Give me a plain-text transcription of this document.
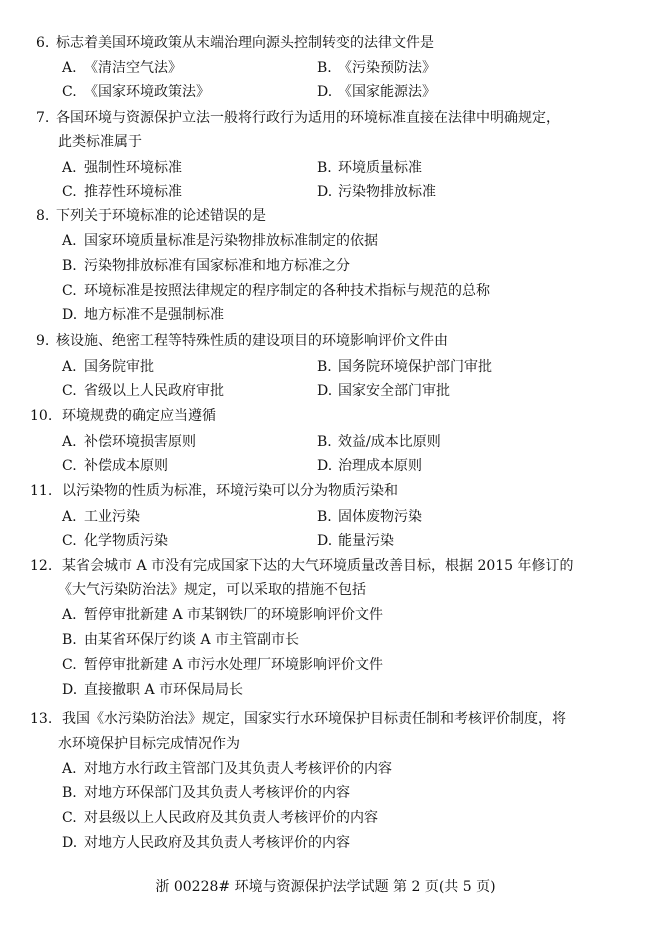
6. 标志着美国环境政策从末端治理向源头控制转变的法律文件是
A. 《清洁空气法》	B. 《污染预防法》
C. 《国家环境政策法》	D. 《国家能源法》
7. 各国环境与资源保护立法一般将行政行为适用的环境标准直接在法律中明确规定，
此类标准属于
A. 强制性环境标准	B. 环境质量标准
C. 推荐性环境标准	D. 污染物排放标准
8. 下列关于环境标准的论述错误的是
A. 国家环境质量标准是污染物排放标准制定的依据
B. 污染物排放标准有国家标准和地方标准之分
C. 环境标准是按照法律规定的程序制定的各种技术指标与规范的总称
D. 地方标准不是强制标准
9. 核设施、绝密工程等特殊性质的建设项目的环境影响评价文件由
A. 国务院审批	B. 国务院环境保护部门审批
C. 省级以上人民政府审批	D. 国家安全部门审批
10. 环境规费的确定应当遵循
A. 补偿环境损害原则	B. 效益/成本比原则
C. 补偿成本原则	D. 治理成本原则
11. 以污染物的性质为标准，环境污染可以分为物质污染和
A. 工业污染	B. 固体废物污染
C. 化学物质污染	D. 能量污染
12. 某省会城市 A 市没有完成国家下达的大气环境质量改善目标，根据 2015 年修订的
《大气污染防治法》规定，可以采取的措施不包括
A. 暂停审批新建 A 市某钢铁厂的环境影响评价文件
B. 由某省环保厅约谈 A 市主管副市长
C. 暂停审批新建 A 市污水处理厂环境影响评价文件
D. 直接撤职 A 市环保局局长
13. 我国《水污染防治法》规定，国家实行水环境保护目标责任制和考核评价制度，将
水环境保护目标完成情况作为
A. 对地方水行政主管部门及其负责人考核评价的内容
B. 对地方环保部门及其负责人考核评价的内容
C. 对县级以上人民政府及其负责人考核评价的内容
D. 对地方人民政府及其负责人考核评价的内容
浙 00228# 环境与资源保护法学试题 第 2 页(共 5 页)
